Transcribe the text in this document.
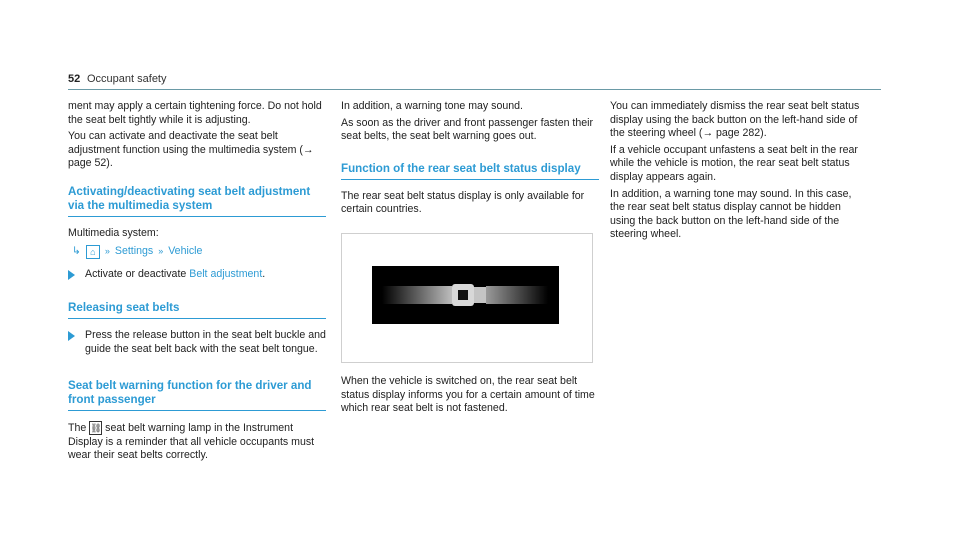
52 Occupant safety

ment may apply a certain tightening force. Do not hold the seat belt tightly while it is adjusting.

You can activate and deactivate the seat belt adjustment function using the multimedia system (→ page 52).

Activating/deactivating seat belt adjustment via the multimedia system

Multimedia system:

↳	⌂	» Settings » Vehicle
Activate or deactivate Belt adjustment.
Releasing seat belts
Press the release button in the seat belt buckle and guide the seat belt back with the seat belt tongue.
Seat belt warning function for the driver and front passenger

The ⛓ seat belt warning lamp in the Instrument Display is a reminder that all vehicle occupants must wear their seat belts correctly.

In addition, a warning tone may sound.

As soon as the driver and front passenger fasten their seat belts, the seat belt warning goes out.

Function of the rear seat belt status display

The rear seat belt status display is only available for certain countries.

When the vehicle is switched on, the rear seat belt status display informs you for a certain amount of time which rear seat belt is not fastened.

You can immediately dismiss the rear seat belt status display using the back button on the left-hand side of the steering wheel (→ page 282).

If a vehicle occupant unfastens a seat belt in the rear while the vehicle is motion, the rear seat belt status display appears again.

In addition, a warning tone may sound. In this case, the rear seat belt status display cannot be hidden using the back button on the left-hand side of the steering wheel.
